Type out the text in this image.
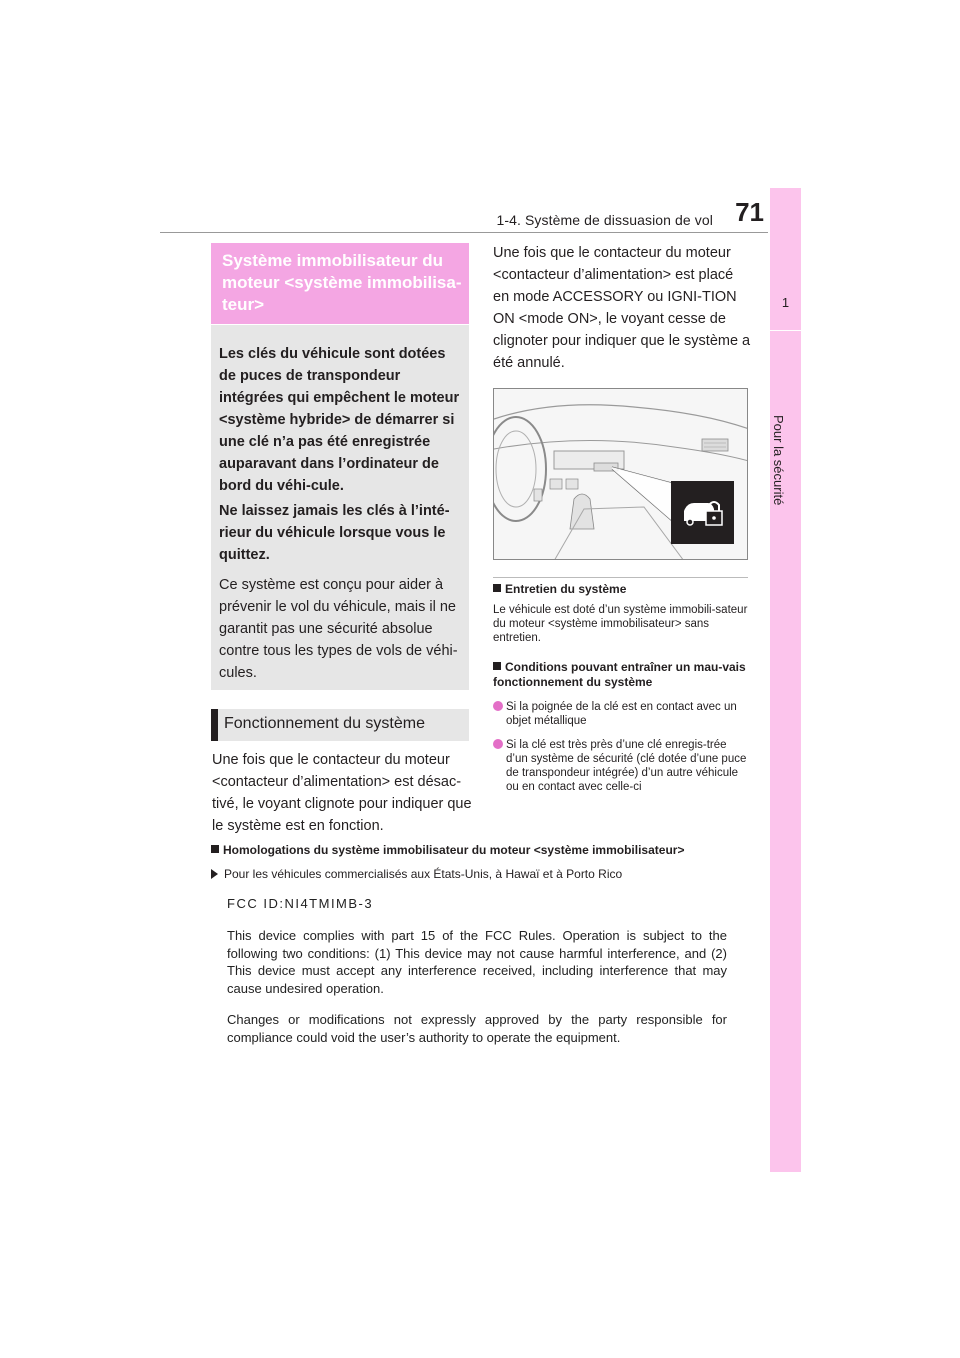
1-4. Système de dissuasion de vol 71
1
Pour la sécurité
Système immobilisateur du moteur <système immobilisa-teur>
Les clés du véhicule sont dotées de puces de transpondeur intégrées qui empêchent le moteur <système hybride> de démarrer si une clé n’a pas été enregistrée auparavant dans l’ordinateur de bord du véhi-cule.
Ne laissez jamais les clés à l’inté-rieur du véhicule lorsque vous le quittez.
Ce système est conçu pour aider à prévenir le vol du véhicule, mais il ne garantit pas une sécurité absolue contre tous les types de vols de véhi-cules.
Fonctionnement du système
Une fois que le contacteur du moteur <contacteur d’alimentation> est désac-tivé, le voyant clignote pour indiquer que le système est en fonction.
Une fois que le contacteur du moteur <contacteur d’alimentation> est placé en mode ACCESSORY ou IGNI-TION ON <mode ON>, le voyant cesse de clignoter pour indiquer que le système a été annulé.
Entretien du système
Le véhicule est doté d’un système immobili-sateur du moteur <système immobilisateur> sans entretien.
Conditions pouvant entraîner un mau-vais fonctionnement du système
Si la poignée de la clé est en contact avec un objet métallique
Si la clé est très près d’une clé enregis-trée d’un système de sécurité (clé dotée d’une puce de transpondeur intégrée) d’un autre véhicule ou en contact avec celle-ci
Homologations du système immobilisateur du moteur <système immobilisateur>
Pour les véhicules commercialisés aux États-Unis, à Hawaï et à Porto Rico
FCC ID:NI4TMIMB-3
This device complies with part 15 of the FCC Rules. Operation is subject to the following two conditions: (1) This device may not cause harmful interference, and (2) This device must accept any interference received, including interference that may cause undesired operation.
Changes or modifications not expressly approved by the party responsible for compliance could void the user’s authority to operate the equipment.
